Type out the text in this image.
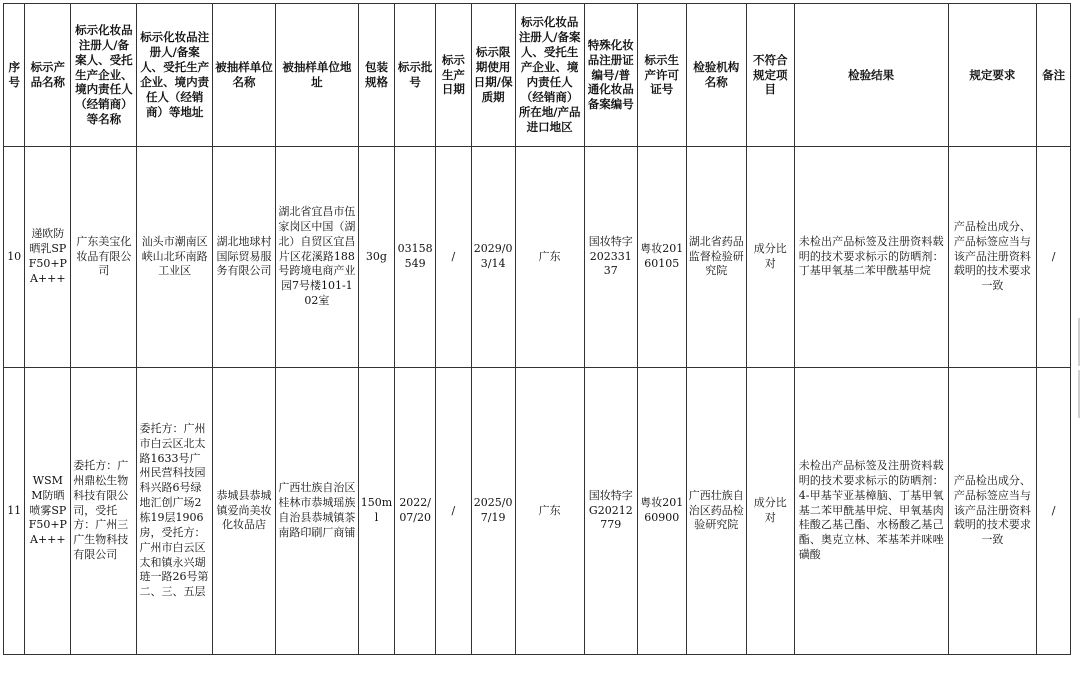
序号	标示产品名称	标示化妆品注册人/备案人、受托生产企业、境内责任人（经销商）等名称	标示化妆品注册人/备案人、受托生产企业、境内责任人（经销商）等地址	被抽样单位名称	被抽样单位地址	包装规格	标示批号	标示生产日期	标示限期使用日期/保质期	标示化妆品注册人/备案人、受托生产企业、境内责任人（经销商）所在地/产品进口地区	特殊化妆品注册证编号/普通化妆品备案编号	标示生产许可证号	检验机构名称	不符合规定项目	检验结果	规定要求	备注
10	递欧防晒乳SPF50+PA+++	广东美宝化妆品有限公司	汕头市潮南区峡山北环南路工业区	湖北地球村国际贸易服务有限公司	湖北省宜昌市伍家岗区中国（湖北）自贸区宜昌片区花溪路188号跨境电商产业园7号楼101-102室	30g	03158549	/	2029/03/14	广东	国妆特字20233137	粤妆20160105	湖北省药品监督检验研究院	成分比对	未检出产品标签及注册资料载明的技术要求标示的防晒剂：丁基甲氧基二苯甲酰基甲烷	产品检出成分、产品标签应当与该产品注册资料载明的技术要求一致	/
11	WSMM防晒喷雾SPF50+PA+++	委托方：广州鼎松生物科技有限公司，受托方：广州三广生物科技有限公司	委托方：广州市白云区北太路1633号广州民营科技园科兴路6号绿地汇创广场2栋19层1906房，受托方：广州市白云区太和镇永兴瑚琏一路26号第二、三、五层	恭城县恭城镇爱尚美妆化妆品店	广西壮族自治区桂林市恭城瑶族自治县恭城镇茶南路印刷厂商铺	150ml	2022/07/20	/	2025/07/19	广东	国妆特字G20212779	粤妆20160900	广西壮族自治区药品检验研究院	成分比对	未检出产品标签及注册资料载明的技术要求标示的防晒剂：4-甲基苄亚基樟脑、丁基甲氧基二苯甲酰基甲烷、甲氧基肉桂酸乙基己酯、水杨酸乙基己酯、奥克立林、苯基苯并咪唑磺酸	产品检出成分、产品标签应当与该产品注册资料载明的技术要求一致	/
